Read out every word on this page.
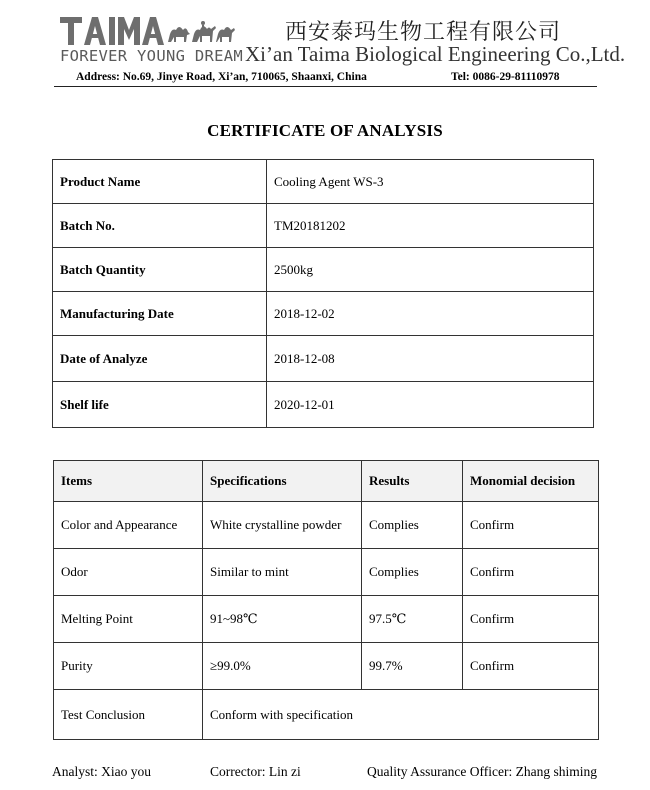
FOREVER YOUNG DREAM
西安泰玛生物工程有限公司
Xi’an Taima Biological Engineering Co.,Ltd.
Address: No.69, Jinye Road, Xi’an, 710065, Shaanxi, China	Tel: 0086-29-81110978
CERTIFICATE OF ANALYSIS
Product Name	Cooling Agent WS-3
Batch No.	TM20181202
Batch Quantity	2500kg
Manufacturing Date	2018-12-02
Date of Analyze	2018-12-08
Shelf life	2020-12-01
Items	Specifications	Results	Monomial decision
Color and Appearance	White crystalline powder	Complies	Confirm
Odor	Similar to mint	Complies	Confirm
Melting Point	91~98℃	97.5℃	Confirm
Purity	≥99.0%	99.7%	Confirm
Test Conclusion	Conform with specification		
Analyst: Xiao you	Corrector: Lin zi	Quality Assurance Officer: Zhang shiming
